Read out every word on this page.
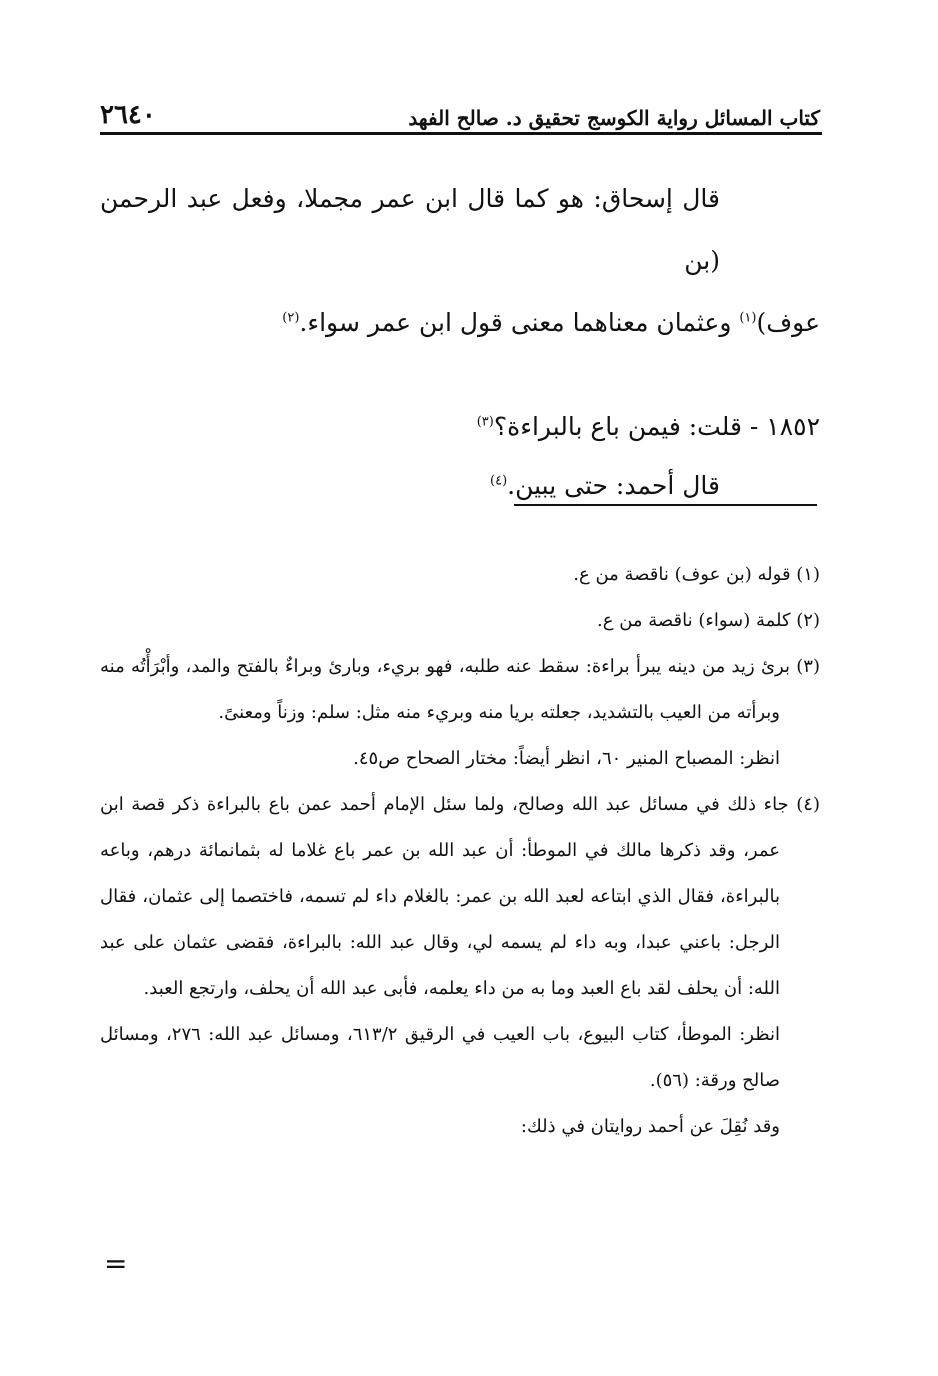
٢٦٤٠	كتاب المسائل رواية الكوسج تحقيق د. صالح الفهد

قال إسحاق: هو كما قال ابن عمر مجملا، وفعل عبد الرحمن (بن

عوف)$^{(١)}$ وعثمان معناهما معنى قول ابن عمر سواء.$^{(٢)}$

١٨٥٢ - قلت: فيمن باع بالبراءة؟$^{(٣)}$

قال أحمد: حتى يبين.$^{(٤)}$

(١) قوله (بن عوف) ناقصة من ع.

(٢) كلمة (سواء) ناقصة من ع.

(٣) برئ زيد من دينه يبرأ براءة: سقط عنه طلبه، فهو بريء، وبارئ وبراءٌ بالفتح والمد، وأبْرَأْتُه منه وبرأته من العيب بالتشديد، جعلته بريا منه وبريء منه مثل: سلم: وزناً ومعنىً.

انظر: المصباح المنير ٦٠، انظر أيضاً: مختار الصحاح ص٤٥.

(٤) جاء ذلك في مسائل عبد الله وصالح، ولما سئل الإمام أحمد عمن باع بالبراءة ذكر قصة ابن عمر، وقد ذكرها مالك في الموطأ: أن عبد الله بن عمر باع غلاما له بثمانمائة درهم، وباعه بالبراءة، فقال الذي ابتاعه لعبد الله بن عمر: بالغلام داء لم تسمه، فاختصما إلى عثمان، فقال الرجل: باعني عبدا، وبه داء لم يسمه لي، وقال عبد الله: بالبراءة، فقضى عثمان على عبد الله: أن يحلف لقد باع العبد وما به من داء يعلمه، فأبى عبد الله أن يحلف، وارتجع العبد.

انظر: الموطأ، كتاب البيوع، باب العيب في الرقيق ٦١٣/٢، ومسائل عبد الله: ٢٧٦، ومسائل صالح ورقة: (٥٦).

وقد نُقِلَ عن أحمد روايتان في ذلك:

=
